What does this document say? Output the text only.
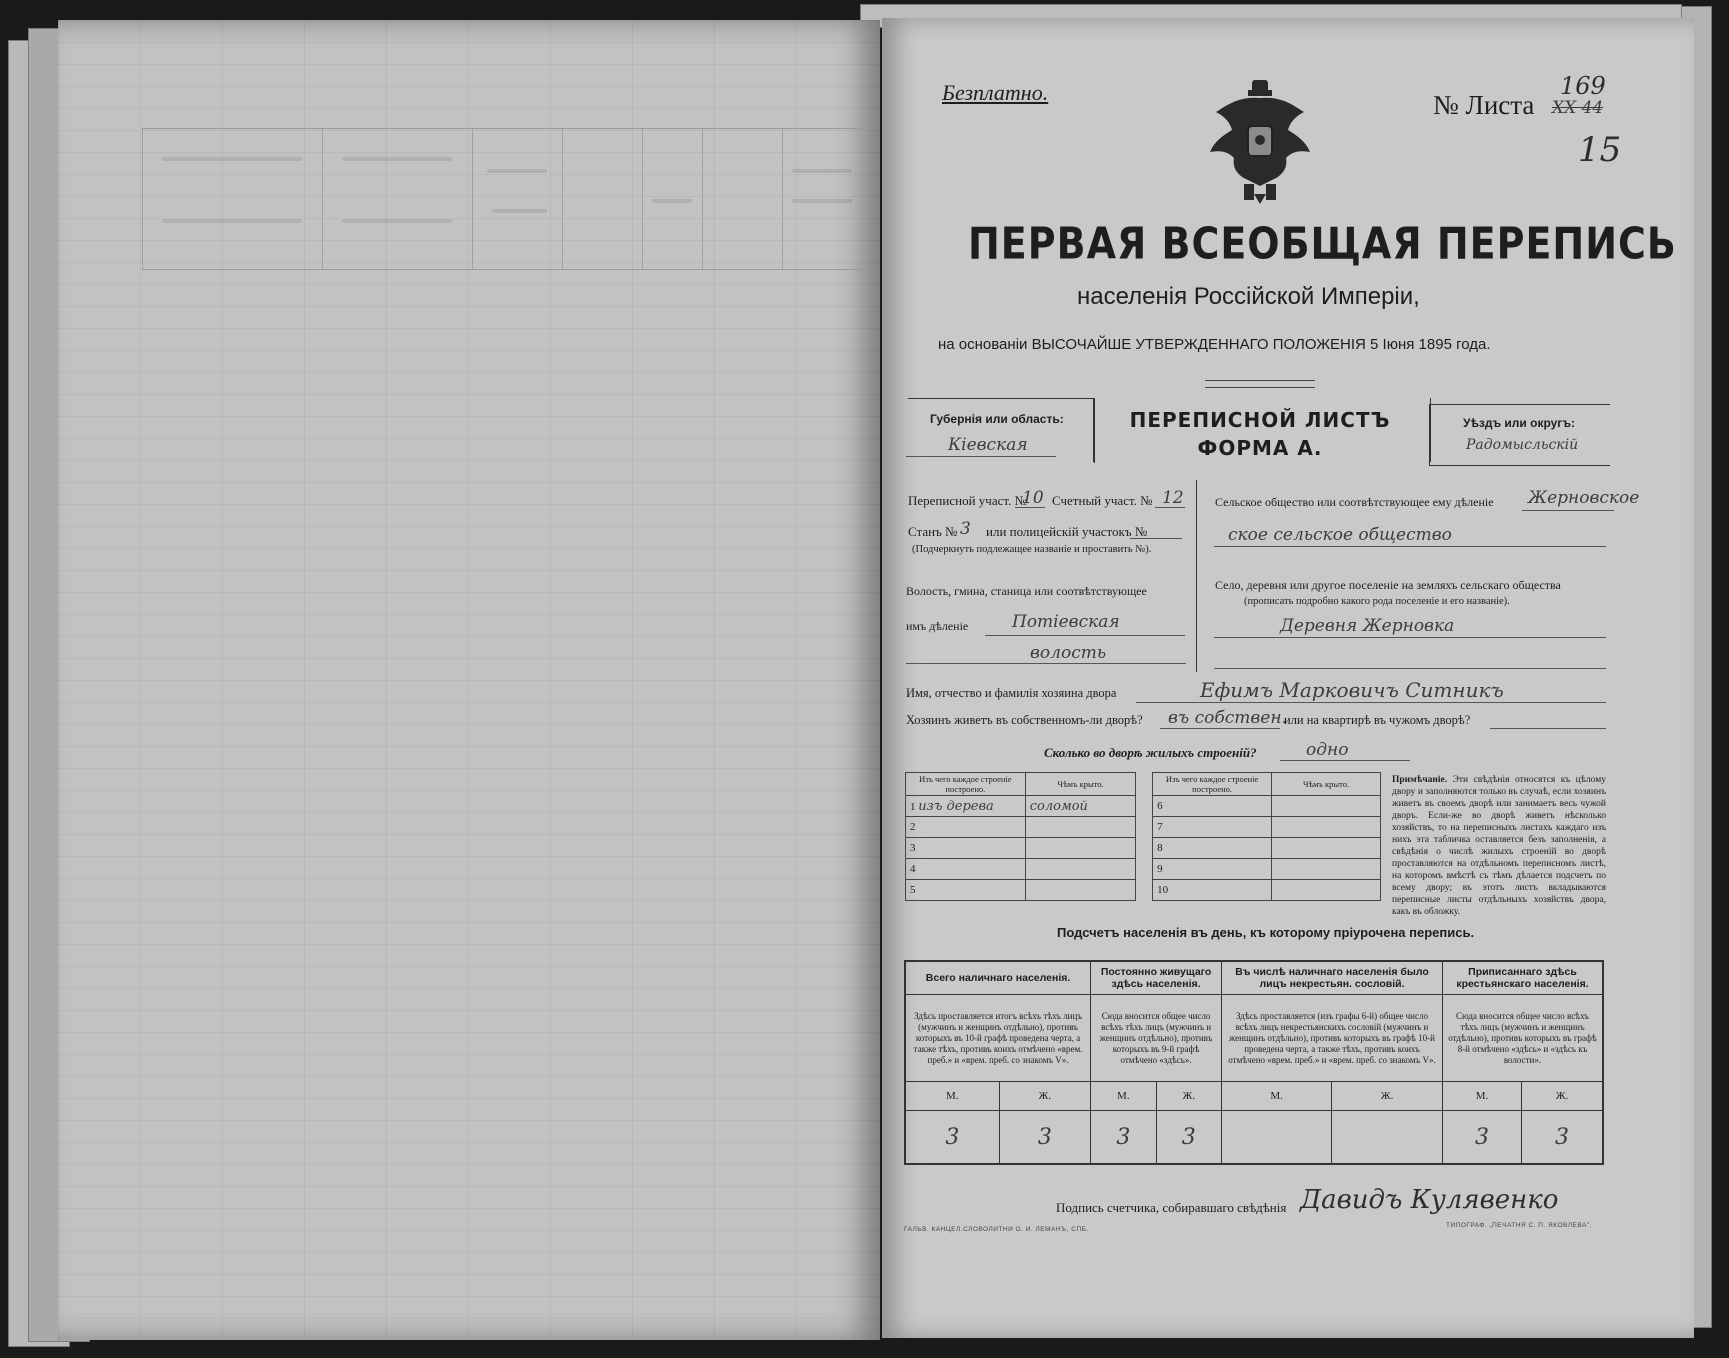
Безплатно.	№ Листа
169
XX 44
15
ПЕРВАЯ ВСЕОБЩАЯ ПЕРЕПИСЬ
населенія Россійской Имперіи,
на основаніи ВЫСОЧАЙШЕ УТВЕРЖДЕННАГО ПОЛОЖЕНІЯ 5 Іюня 1895 года.
Губернія или область:
Кіевская
ПЕРЕПИСНОЙ ЛИСТЪ
ФОРМА А.
Уѣздъ или округъ:
Радомысльскій
Переписной участ. №
10 Счетный участ. № 12
Станъ № 3 или полицейскій участокъ №
(Подчеркнуть подлежащее названіе и проставить №).
Волость, гмина, станица или соотвѣтствующее
имъ дѣленіе	Потіевская
волость
Сельское общество или соотвѣтствующее ему дѣленіе Жерновское
ское сельское общество
Село, деревня или другое поселеніе на земляхъ сельскаго общества
(прописать подробно какого рода поселеніе и его названіе).
Деревня Жерновка
Имя, отчество и фамилія хозяина двора	Ефимъ Марковичъ Ситникъ
Хозяинъ живетъ въ собственномъ-ли дворѣ? въ собствен.
или на квартирѣ въ чужомъ дворѣ?
Сколько во дворѣ жилыхъ строеній?	одно
Изъ чего каждое строеніе построено.	Чѣмъ крыто.		Изъ чего каждое строеніе построено.	Чѣмъ крыто.
1 изъ дерева	соломой		6	
2			7	
3			8	
4			9	
5			10	
Примѣчаніе. Эти свѣдѣнія относятся къ цѣлому двору и заполняются только въ случаѣ, если хозяинъ живетъ въ своемъ дворѣ или занимаетъ весь чужой дворъ. Если-же во дворѣ живетъ нѣсколько хозяйствъ, то на переписныхъ листахъ каждаго изъ нихъ эта табличка оставляется безъ заполненія, а свѣдѣнія о числѣ жилыхъ строеній во дворѣ проставляются на отдѣльномъ переписномъ листѣ, на которомъ вмѣстѣ съ тѣмъ дѣлается подсчетъ по всему двору; въ этотъ листъ вкладываются переписные листы отдѣльныхъ хозяйствъ двора, какъ въ обложку.
Подсчетъ населенія въ день, къ которому пріурочена перепись.
Всего наличнаго населенія.		Постоянно живущаго здѣсь населенія.		Въ числѣ наличнаго населенія было лицъ некрестьян. сословій.		Приписаннаго здѣсь крестьянскаго населенія.	
Здѣсь проставляется итогъ всѣхъ тѣхъ лицъ (мужчинъ и женщинъ отдѣльно), противъ которыхъ въ 10-й графѣ проведена черта, а также тѣхъ, противъ коихъ отмѣчено «врем. преб.» и «врем. преб. со знакомъ V».		Сюда вносится общее число всѣхъ тѣхъ лицъ (мужчинъ и женщинъ отдѣльно), противъ которыхъ въ 9-й графѣ отмѣчено «здѣсь».		Здѣсь проставляется (изъ графы 6-й) общее число всѣхъ лицъ некрестьянскихъ сословій (мужчинъ и женщинъ отдѣльно), противъ которыхъ въ графѣ 10-й проведена черта, а также тѣхъ, противъ коихъ отмѣчено «врем. преб.» и «врем. преб. со знакомъ V».		Сюда вносится общее число всѣхъ тѣхъ лицъ (мужчинъ и женщинъ отдѣльно), противъ которыхъ въ графѣ 8-й отмѣчено «здѣсь» и «здѣсь къ волости».	
М.	Ж.	М.	Ж.	М.	Ж.	М.	Ж.
3	3	3	3			3	3
Подпись счетчика, собиравшаго свѣдѣнія Давидъ Кулявенко
ГАЛЬВ. КАНЦЕЛ.СЛОВОЛИТНИ О. И. ЛЕМАНЪ, СПБ.
ТИПОГРАФ. „ПЕЧАТНЯ С. П. ЯКОВЛЕВА".
